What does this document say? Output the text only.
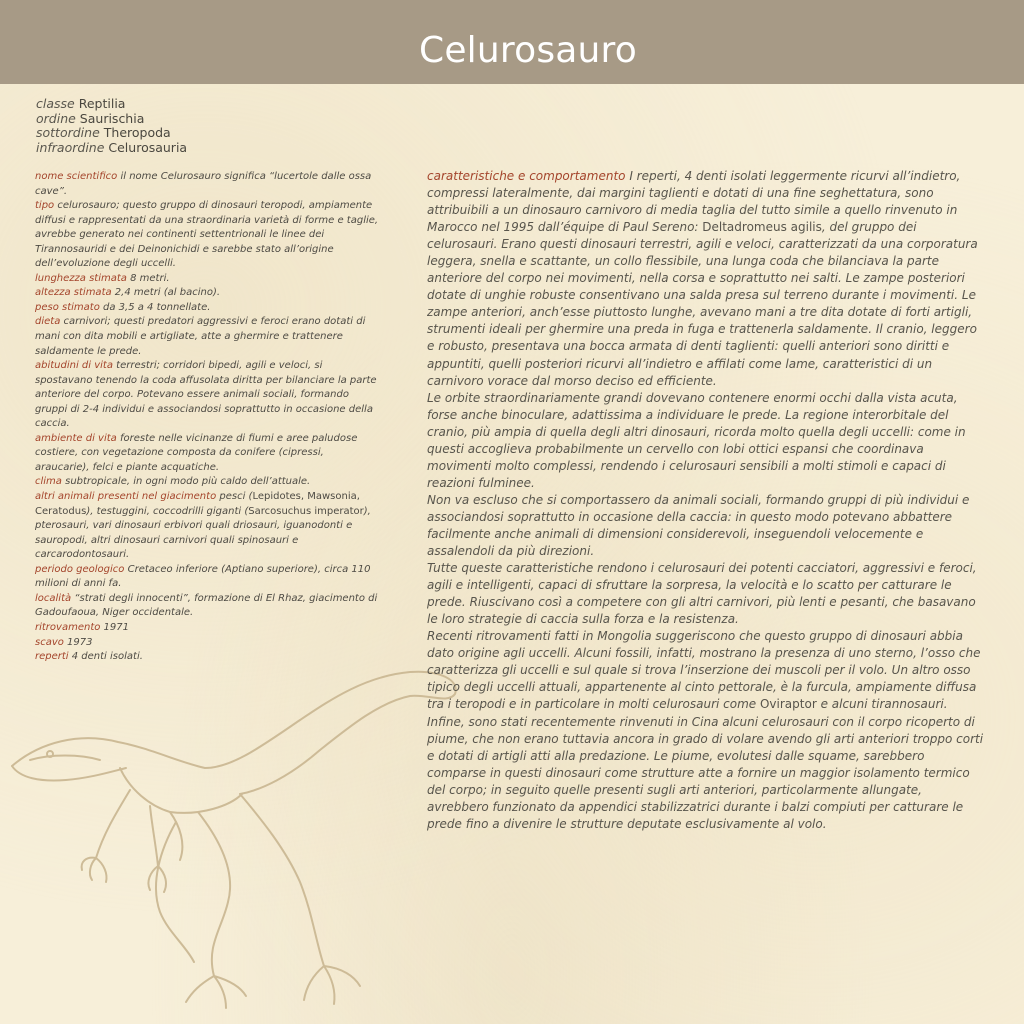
Celurosauro
classe Reptilia
ordine Saurischia
sottordine Theropoda
infraordine Celurosauria

nome scientifico il nome Celurosauro significa “lucertole dalle ossa cave”.

tipo celurosauro; questo gruppo di dinosauri teropodi, ampiamente diffusi e rappresentati da una straordinaria varietà di forme e taglie, avrebbe generato nei continenti settentrionali le linee dei Tirannosauridi e dei Deinonichidi e sarebbe stato all’origine dell’evoluzione degli uccelli.

lunghezza stimata 8 metri.

altezza stimata 2,4 metri (al bacino).

peso stimato da 3,5 a 4 tonnellate.

dieta carnivori; questi predatori aggressivi e feroci erano dotati di mani con dita mobili e artigliate, atte a ghermire e trattenere saldamente le prede.

abitudini di vita terrestri; corridori bipedi, agili e veloci, si spostavano tenendo la coda affusolata diritta per bilanciare la parte anteriore del corpo. Potevano essere animali sociali, formando gruppi di 2-4 individui e associandosi soprattutto in occasione della caccia.

ambiente di vita foreste nelle vicinanze di fiumi e aree paludose costiere, con vegetazione composta da conifere (cipressi, araucarie), felci e piante acquatiche.

clima subtropicale, in ogni modo più caldo dell’attuale.

altri animali presenti nel giacimento pesci (Lepidotes, Mawsonia, Ceratodus), testuggini, coccodrilli giganti (Sarcosuchus imperator), pterosauri, vari dinosauri erbivori quali driosauri, iguanodonti e sauropodi, altri dinosauri carnivori quali spinosauri e carcarodontosauri.

periodo geologico Cretaceo inferiore (Aptiano superiore), circa 110 milioni di anni fa.

località “strati degli innocenti”, formazione di El Rhaz, giacimento di Gadoufaoua, Niger occidentale.

ritrovamento 1971

scavo 1973

reperti 4 denti isolati.

caratteristiche e comportamento I reperti, 4 denti isolati leggermente ricurvi all’indietro, compressi lateralmente, dai margini taglienti e dotati di una fine seghettatura, sono attribuibili a un dinosauro carnivoro di media taglia del tutto simile a quello rinvenuto in Marocco nel 1995 dall’équipe di Paul Sereno: Deltadromeus agilis, del gruppo dei celurosauri. Erano questi dinosauri terrestri, agili e veloci, caratterizzati da una corporatura leggera, snella e scattante, un collo flessibile, una lunga coda che bilanciava la parte anteriore del corpo nei movimenti, nella corsa e soprattutto nei salti. Le zampe posteriori dotate di unghie robuste consentivano una salda presa sul terreno durante i movimenti. Le zampe anteriori, anch’esse piuttosto lunghe, avevano mani a tre dita dotate di forti artigli, strumenti ideali per ghermire una preda in fuga e trattenerla saldamente. Il cranio, leggero e robusto, presentava una bocca armata di denti taglienti: quelli anteriori sono diritti e appuntiti, quelli posteriori ricurvi all’indietro e affilati come lame, caratteristici di un carnivoro vorace dal morso deciso ed efficiente.

Le orbite straordinariamente grandi dovevano contenere enormi occhi dalla vista acuta, forse anche binoculare, adattissima a individuare le prede. La regione interorbitale del cranio, più ampia di quella degli altri dinosauri, ricorda molto quella degli uccelli: come in questi accoglieva probabilmente un cervello con lobi ottici espansi che coordinava movimenti molto complessi, rendendo i celurosauri sensibili a molti stimoli e capaci di reazioni fulminee.

Non va escluso che si comportassero da animali sociali, formando gruppi di più individui e associandosi soprattutto in occasione della caccia: in questo modo potevano abbattere facilmente anche animali di dimensioni considerevoli, inseguendoli velocemente e assalendoli da più direzioni.

Tutte queste caratteristiche rendono i celurosauri dei potenti cacciatori, aggressivi e feroci, agili e intelligenti, capaci di sfruttare la sorpresa, la velocità e lo scatto per catturare le prede. Riuscivano così a competere con gli altri carnivori, più lenti e pesanti, che basavano le loro strategie di caccia sulla forza e la resistenza.

Recenti ritrovamenti fatti in Mongolia suggeriscono che questo gruppo di dinosauri abbia dato origine agli uccelli. Alcuni fossili, infatti, mostrano la presenza di uno sterno, l’osso che caratterizza gli uccelli e sul quale si trova l’inserzione dei muscoli per il volo. Un altro osso tipico degli uccelli attuali, appartenente al cinto pettorale, è la furcula, ampiamente diffusa tra i teropodi e in particolare in molti celurosauri come Oviraptor e alcuni tirannosauri.

Infine, sono stati recentemente rinvenuti in Cina alcuni celurosauri con il corpo ricoperto di piume, che non erano tuttavia ancora in grado di volare avendo gli arti anteriori troppo corti e dotati di artigli atti alla predazione. Le piume, evolutesi dalle squame, sarebbero comparse in questi dinosauri come strutture atte a fornire un maggior isolamento termico del corpo; in seguito quelle presenti sugli arti anteriori, particolarmente allungate, avrebbero funzionato da appendici stabilizzatrici durante i balzi compiuti per catturare le prede fino a divenire le strutture deputate esclusivamente al volo.
